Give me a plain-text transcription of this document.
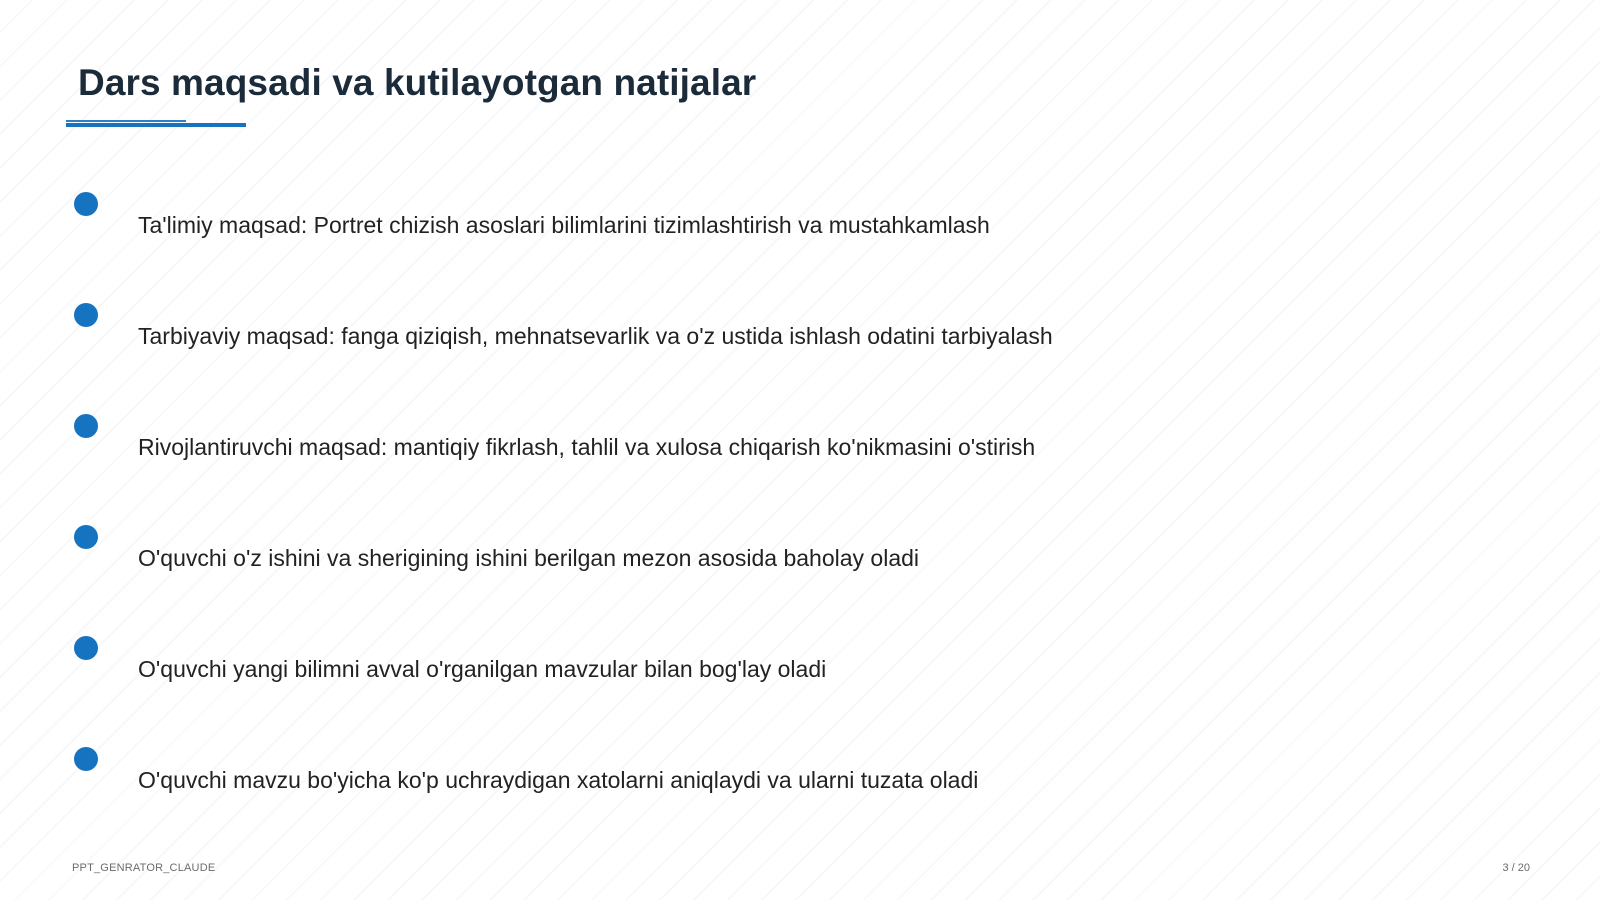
Dars maqsadi va kutilayotgan natijalar
Ta'limiy maqsad: Portret chizish asoslari bilimlarini tizimlashtirish va mustahkamlash
Tarbiyaviy maqsad: fanga qiziqish, mehnatsevarlik va o'z ustida ishlash odatini tarbiyalash
Rivojlantiruvchi maqsad: mantiqiy fikrlash, tahlil va xulosa chiqarish ko'nikmasini o'stirish
O'quvchi o'z ishini va sherigining ishini berilgan mezon asosida baholay oladi
O'quvchi yangi bilimni avval o'rganilgan mavzular bilan bog'lay oladi
O'quvchi mavzu bo'yicha ko'p uchraydigan xatolarni aniqlaydi va ularni tuzata oladi
PPT_GENRATOR_CLAUDE	3 / 20
